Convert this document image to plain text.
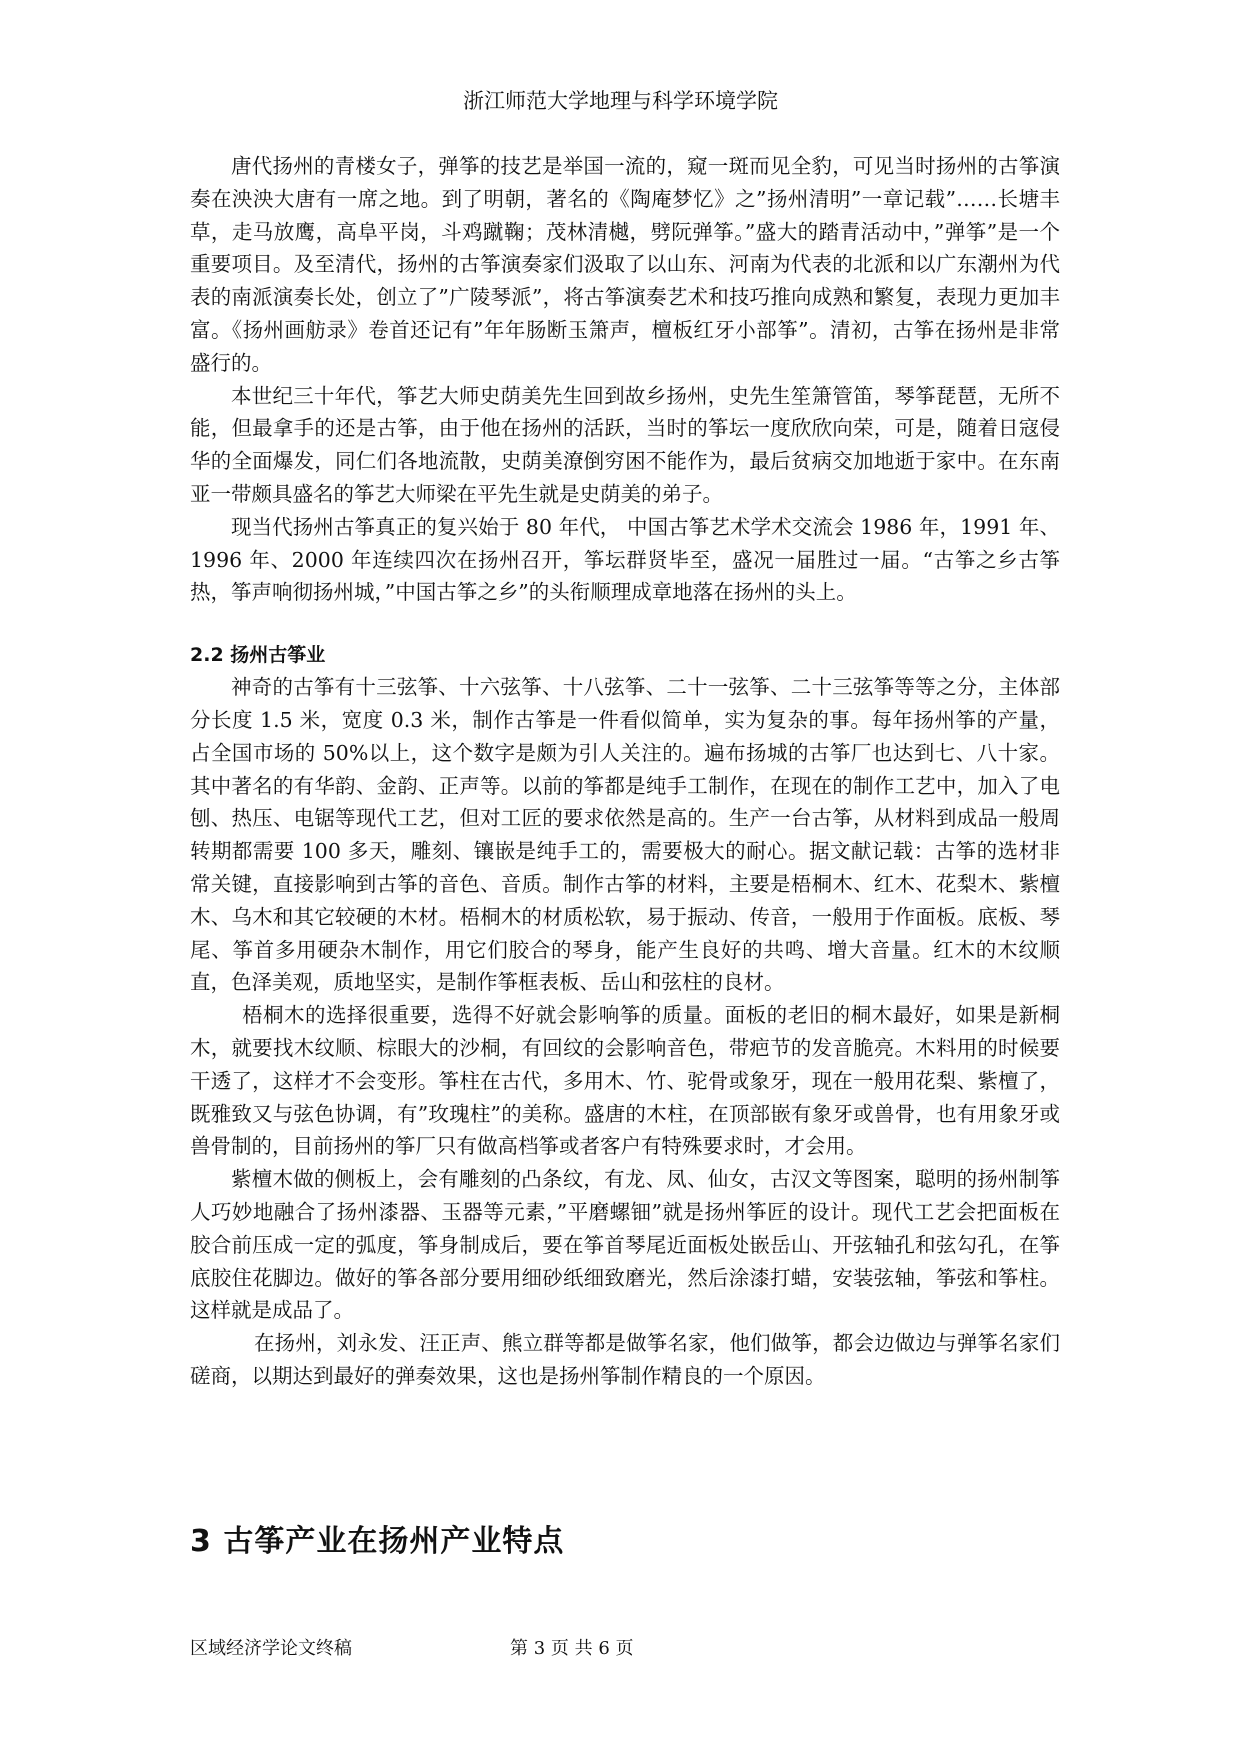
浙江师范大学地理与科学环境学院

唐代扬州的青楼女子，弹筝的技艺是举国一流的，窥一斑而见全豹，可见当时扬州的古筝演奏在泱泱大唐有一席之地。到了明朝，著名的《陶庵梦忆》之”扬州清明”一章记载”……长塘丰草，走马放鹰，高阜平岗，斗鸡蹴鞠；茂林清樾，劈阮弹筝。”盛大的踏青活动中，”弹筝”是一个重要项目。及至清代，扬州的古筝演奏家们汲取了以山东、河南为代表的北派和以广东潮州为代表的南派演奏长处，创立了”广陵琴派”，将古筝演奏艺术和技巧推向成熟和繁复，表现力更加丰富。《扬州画舫录》卷首还记有”年年肠断玉箫声，檀板红牙小部筝”。清初，古筝在扬州是非常盛行的。

本世纪三十年代，筝艺大师史荫美先生回到故乡扬州，史先生笙箫管笛，琴筝琵琶，无所不能，但最拿手的还是古筝，由于他在扬州的活跃，当时的筝坛一度欣欣向荣，可是，随着日寇侵华的全面爆发，同仁们各地流散，史荫美潦倒穷困不能作为，最后贫病交加地逝于家中。在东南亚一带颇具盛名的筝艺大师梁在平先生就是史荫美的弟子。

现当代扬州古筝真正的复兴始于 80 年代， 中国古筝艺术学术交流会 1986 年，1991 年、1996 年、2000 年连续四次在扬州召开，筝坛群贤毕至，盛况一届胜过一届。“古筝之乡古筝热，筝声响彻扬州城，”中国古筝之乡”的头衔顺理成章地落在扬州的头上。

2.2 扬州古筝业

神奇的古筝有十三弦筝、十六弦筝、十八弦筝、二十一弦筝、二十三弦筝等等之分，主体部分长度 1.5 米，宽度 0.3 米，制作古筝是一件看似简单，实为复杂的事。每年扬州筝的产量，占全国市场的 50%以上，这个数字是颇为引人关注的。遍布扬城的古筝厂也达到七、八十家。其中著名的有华韵、金韵、正声等。以前的筝都是纯手工制作，在现在的制作工艺中，加入了电刨、热压、电锯等现代工艺，但对工匠的要求依然是高的。生产一台古筝，从材料到成品一般周转期都需要 100 多天，雕刻、镶嵌是纯手工的，需要极大的耐心。据文献记载：古筝的选材非常关键，直接影响到古筝的音色、音质。制作古筝的材料，主要是梧桐木、红木、花梨木、紫檀木、乌木和其它较硬的木材。梧桐木的材质松软，易于振动、传音，一般用于作面板。底板、琴尾、筝首多用硬杂木制作，用它们胶合的琴身，能产生良好的共鸣、增大音量。红木的木纹顺直，色泽美观，质地坚实，是制作筝框表板、岳山和弦柱的良材。

梧桐木的选择很重要，选得不好就会影响筝的质量。面板的老旧的桐木最好，如果是新桐木，就要找木纹顺、棕眼大的沙桐，有回纹的会影响音色，带疤节的发音脆亮。木料用的时候要干透了，这样才不会变形。筝柱在古代，多用木、竹、驼骨或象牙，现在一般用花梨、紫檀了，既雅致又与弦色协调，有”玫瑰柱”的美称。盛唐的木柱，在顶部嵌有象牙或兽骨，也有用象牙或兽骨制的，目前扬州的筝厂只有做高档筝或者客户有特殊要求时，才会用。

紫檀木做的侧板上，会有雕刻的凸条纹，有龙、凤、仙女，古汉文等图案，聪明的扬州制筝人巧妙地融合了扬州漆器、玉器等元素，”平磨螺钿”就是扬州筝匠的设计。现代工艺会把面板在胶合前压成一定的弧度，筝身制成后，要在筝首琴尾近面板处嵌岳山、开弦轴孔和弦勾孔，在筝底胶住花脚边。做好的筝各部分要用细砂纸细致磨光，然后涂漆打蜡，安装弦轴，筝弦和筝柱。这样就是成品了。

在扬州，刘永发、汪正声、熊立群等都是做筝名家，他们做筝，都会边做边与弹筝名家们磋商，以期达到最好的弹奏效果，这也是扬州筝制作精良的一个原因。

3 古筝产业在扬州产业特点
区域经济学论文终稿	第 3 页 共 6 页
